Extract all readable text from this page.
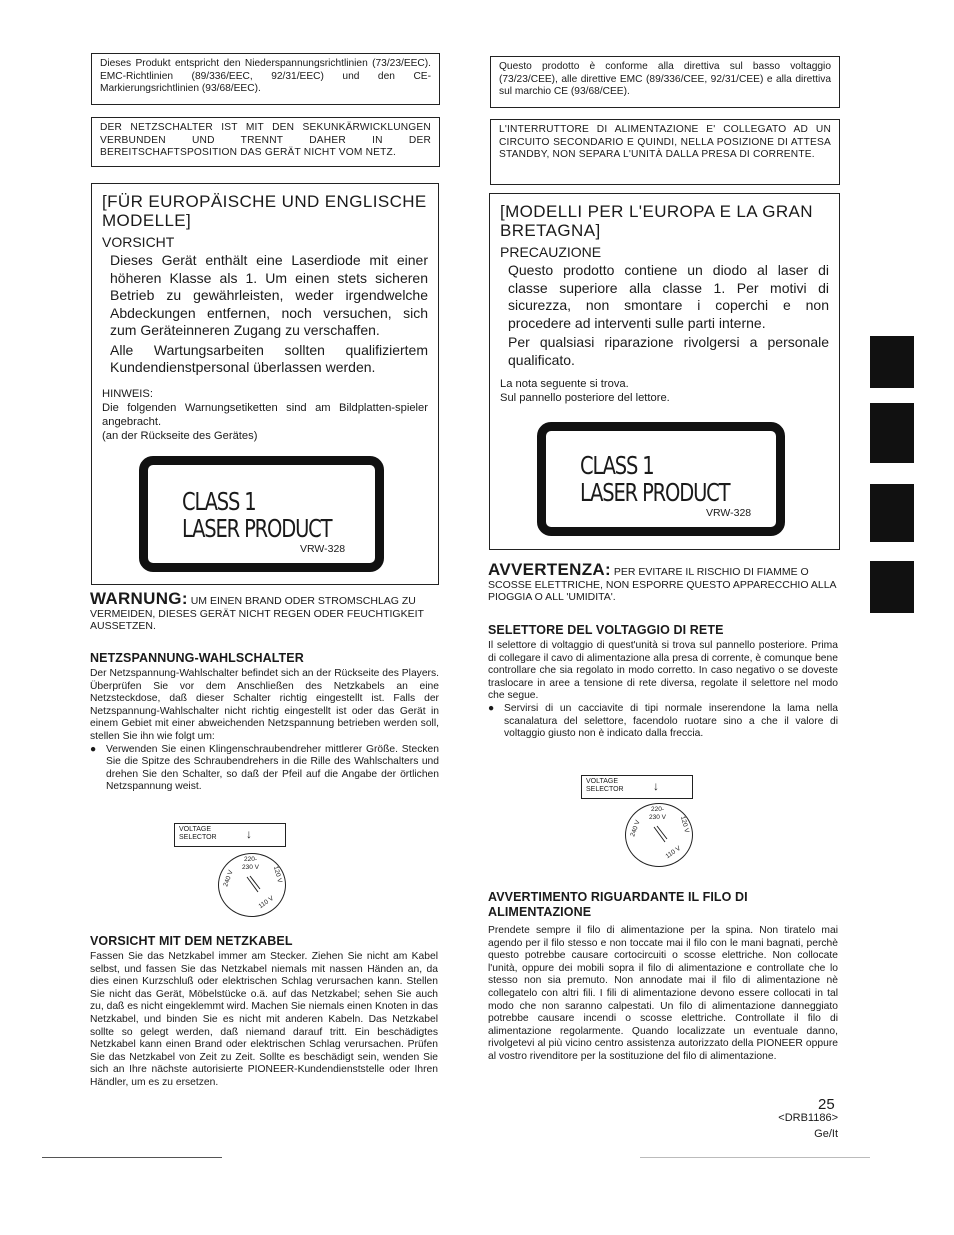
Dieses Produkt entspricht den Niederspannungsrichtlinien (73/23/EEC). EMC-Richtlinien (89/336/EEC, 92/31/EEC) und den CE-Markierungsrichtlinien (93/68/EEC).
DER NETZSCHALTER IST MIT DEN SEKUNKÄRWICKLUNGEN VERBUNDEN UND TRENNT DAHER IN DER BEREITSCHAFTSPOSITION DAS GERÄT NICHT VOM NETZ.
[FÜR EUROPÄISCHE UND ENGLISCHE MODELLE]
VORSICHT
Dieses Gerät enthält eine Laserdiode mit einer höheren Klasse als 1. Um einen stets sicheren Betrieb zu gewährleisten, weder irgendwelche Abdeckungen entfernen, noch versuchen, sich zum Geräteinneren Zugang zu verschaffen.
Alle Wartungsarbeiten sollten qualifiziertem Kundendienstpersonal überlassen werden.
HINWEIS:
Die folgenden Warnungsetiketten sind am Bildplatten-spieler angebracht.
(an der Rückseite des Gerätes)
CLASS 1
LASER PRODUCT
VRW-328
WARNUNG: UM EINEN BRAND ODER STROMSCHLAG ZU VERMEIDEN, DIESES GERÄT NICHT REGEN ODER FEUCHTIGKEIT AUSSETZEN.
NETZSPANNUNG-WAHLSCHALTER
Der Netzspannung-Wahlschalter befindet sich an der Rückseite des Players. Überprüfen Sie vor dem Anschließen des Netzkabels an eine Netzsteckdose, daß dieser Schalter richtig eingestellt ist. Falls der Netzspannung-Wahlschalter nicht richtig eingestellt ist oder das Gerät in einem Gebiet mit einer abweichenden Netzspannung betrieben werden soll, stellen Sie ihn wie folgt um:
● Verwenden Sie einen Klingenschraubendreher mittlerer Größe. Stecken Sie die Spitze des Schraubendrehers in die Rille des Wahlschalters und drehen Sie den Schalter, so daß der Pfeil auf die Angabe der örtlichen Netzspannung weist.
VOLTAGE
SELECTOR	↓
220-
230 V
240 V	120 V
110 V
VORSICHT MIT DEM NETZKABEL
Fassen Sie das Netzkabel immer am Stecker. Ziehen Sie nicht am Kabel selbst, und fassen Sie das Netzkabel niemals mit nassen Händen an, da dies einen Kurzschluß oder elektrischen Schlag verursachen kann. Stellen Sie nicht das Gerät, Möbelstücke o.ä. auf das Netzkabel; sehen Sie auch zu, daß es nicht eingeklemmt wird. Machen Sie niemals einen Knoten in das Netzkabel, und binden Sie es nicht mit anderen Kabeln. Das Netzkabel sollte so gelegt werden, daß niemand darauf tritt. Ein beschädigtes Netzkabel kann einen Brand oder elektrischen Schlag verursachen. Prüfen Sie das Netzkabel von Zeit zu Zeit. Sollte es beschädigt sein, wenden Sie sich an Ihre nächste autorisierte PIONEER-Kundendienststelle oder Ihren Händler, um es zu ersetzen.
Questo prodotto è conforme alla direttiva sul basso voltaggio (73/23/CEE), alle direttive EMC (89/336/CEE, 92/31/CEE) e alla direttiva sul marchio CE (93/68/CEE).
L'INTERRUTTORE DI ALIMENTAZIONE E' COLLEGATO AD UN CIRCUITO SECONDARIO E QUINDI, NELLA POSIZIONE DI ATTESA STANDBY, NON SEPARA L'UNITÀ DALLA PRESA DI CORRENTE.
[MODELLI PER L'EUROPA E LA GRAN BRETAGNA]
PRECAUZIONE
Questo prodotto contiene un diodo al laser di classe superiore alla classe 1. Per motivi di sicurezza, non smontare i coperchi e non procedere ad interventi sulle parti interne.
Per qualsiasi riparazione rivolgersi a personale qualificato.
La nota seguente si trova.
Sul pannello posteriore del lettore.
CLASS 1
LASER PRODUCT
VRW-328
AVVERTENZA: PER EVITARE IL RISCHIO DI FIAMME O SCOSSE ELETTRICHE, NON ESPORRE QUESTO APPARECCHIO ALLA PIOGGIA O ALL 'UMIDITA'.
SELETTORE DEL VOLTAGGIO DI RETE
Il selettore di voltaggio di quest'unità si trova sul pannello posteriore. Prima di collegare il cavo di alimentazione alla presa di corrente, è comunque bene controllare che sia regolato in modo corretto. In caso negativo o se doveste traslocare in aree a tensione di rete diversa, regolate il selettore nel modo che segue.
● Servirsi di un cacciavite di tipi normale inserendone la lama nella scanalatura del selettore, facendolo ruotare sino a che il valore di voltaggio giusto non è indicato dalla freccia.
VOLTAGE
SELECTOR	↓
220-
230 V
240 V	120 V
110 V
AVVERTIMENTO RIGUARDANTE IL FILO DI ALIMENTAZIONE
Prendete sempre il filo di alimentazione per la spina. Non tiratelo mai agendo per il filo stesso e non toccate mai il filo con le mani bagnati, perchè questo potrebbe causare cortocircuiti o scosse elettriche. Non collocate l'unità, oppure dei mobili sopra il filo di alimentazione e controllate che lo stesso non sia premuto. Non annodate mai il filo di alimentazione nè collegatelo con altri fili. I fili di alimentazione devono essere collocati in tal modo che non saranno calpestati. Un filo di alimentazione danneggiato potrebbe causare incendi o scosse elettriche. Controllate il filo di alimentazione regolarmente. Quando localizzate un eventuale danno, rivolgetevi al più vicino centro assistenza autorizzato della PIONEER oppure al vostro rivenditore per la sostituzione del filo di alimentazione.
25
<DRB1186>
Ge/It
